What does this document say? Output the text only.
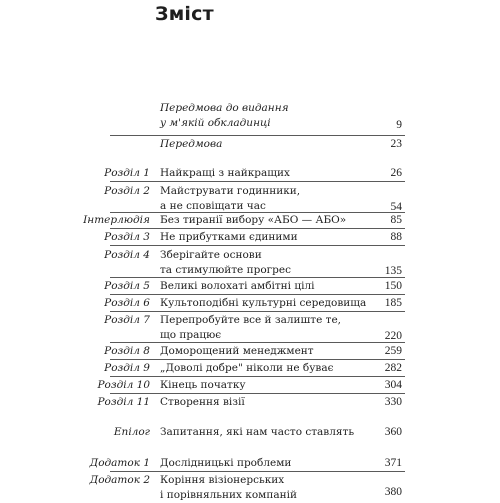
Зміст
Передмова до видання
у м'якій обкладинці	9
Передмова	23
Розділ 1 Найкращі з найкращих	26
Розділ 2 Майструвати годинники,
а не сповіщати час	54
Інтерлюдія Без тиранії вибору «АБО — АБО»	85
Розділ 3 Не прибутками єдиними	88
Розділ 4 Зберігайте основи
та стимулюйте прогрес	135
Розділ 5 Великі волохаті амбітні цілі	150
Розділ 6 Культоподібні культурні середовища 185
Розділ 7 Перепробуйте все й залиште те,
що працює	220
Розділ 8 Доморощений менеджмент	259
Розділ 9 „Доволі добре" ніколи не буває	282
Розділ 10 Кінець початку	304
Розділ 11 Створення візії	330
Епілог Запитання, які нам часто ставлять	360
Додаток 1 Дослідницькі проблеми	371
Додаток 2 Коріння візіонерських
і порівняльних компаній	380
